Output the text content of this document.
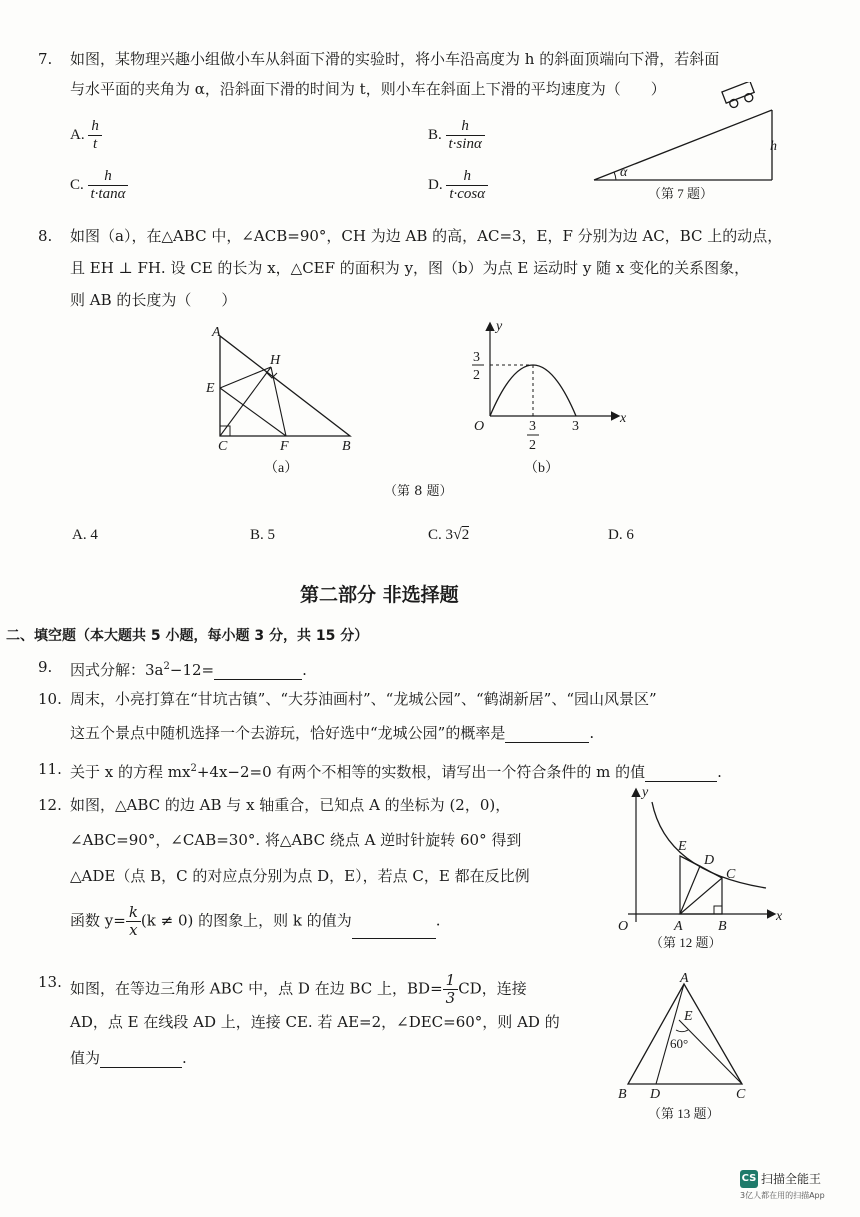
7. 如图，某物理兴趣小组做小车从斜面下滑的实验时，将小车沿高度为 h 的斜面顶端向下滑，若斜面
与水平面的夹角为 α，沿斜面下滑的时间为 t，则小车在斜面上下滑的平均速度为（　　）
A. $\frac{h}{t}$	B. $\frac{h}{t\cdot\sin\alpha}$
C. $\frac{h}{t\cdot\tan\alpha}$	D. $\frac{h}{t\cdot\cos\alpha}$	α
h
（第 7 题）
8. 如图（a），在△ABC 中，∠ACB=90°，CH 为边 AB 的高，AC=3，E，F 分别为边 AC，BC 上的动点，
且 EH ⊥ FH. 设 CE 的长为 x，△CEF 的面积为 y，图（b）为点 E 运动时 y 随 x 变化的关系图象，
则 AB 的长度为（　　）
A
H
E
C	F	B
（a）
y
x
O
3
2
3
2
3
（b）
（第 8 题）
A. 4	B. 5	C. 3√2	D. 6
第二部分 非选择题
二、填空题（本大题共 5 小题，每小题 3 分，共 15 分）
9. 因式分解：$3a^2-12=$	.
10. 周末，小亮打算在“甘坑古镇”、“大芬油画村”、“龙城公园”、“鹤湖新居”、“园山风景区”
这五个景点中随机选择一个去游玩，恰好选中“龙城公园”的概率是	.
11. 关于 x 的方程 $mx^2+4x-2=0$ 有两个不相等的实数根，请写出一个符合条件的 m 的值	.
12. 如图，△ABC 的边 AB 与 x 轴重合，已知点 A 的坐标为 (2，0)，
∠ABC=90°，∠CAB=30°. 将△ABC 绕点 A 逆时针旋转 60° 得到
△ADE（点 B，C 的对应点分别为点 D，E），若点 C，E 都在反比例
函数 $y= \frac{k}{x} (k \ne 0)$ 的图象上，则 k 的值为	.
y
x
O	A	B
C
D
E
（第 12 题）
13. 如图，在等边三角形 ABC 中，点 D 在边 BC 上，$BD= \frac{1}{3}$ CD，连接
AD，点 E 在线段 AD 上，连接 CE. 若 AE=2，∠DEC=60°，则 AD 的
值为	.
A
E
60°
B D	C
（第 13 题）
CS 扫描全能王
3亿人都在用的扫描App
